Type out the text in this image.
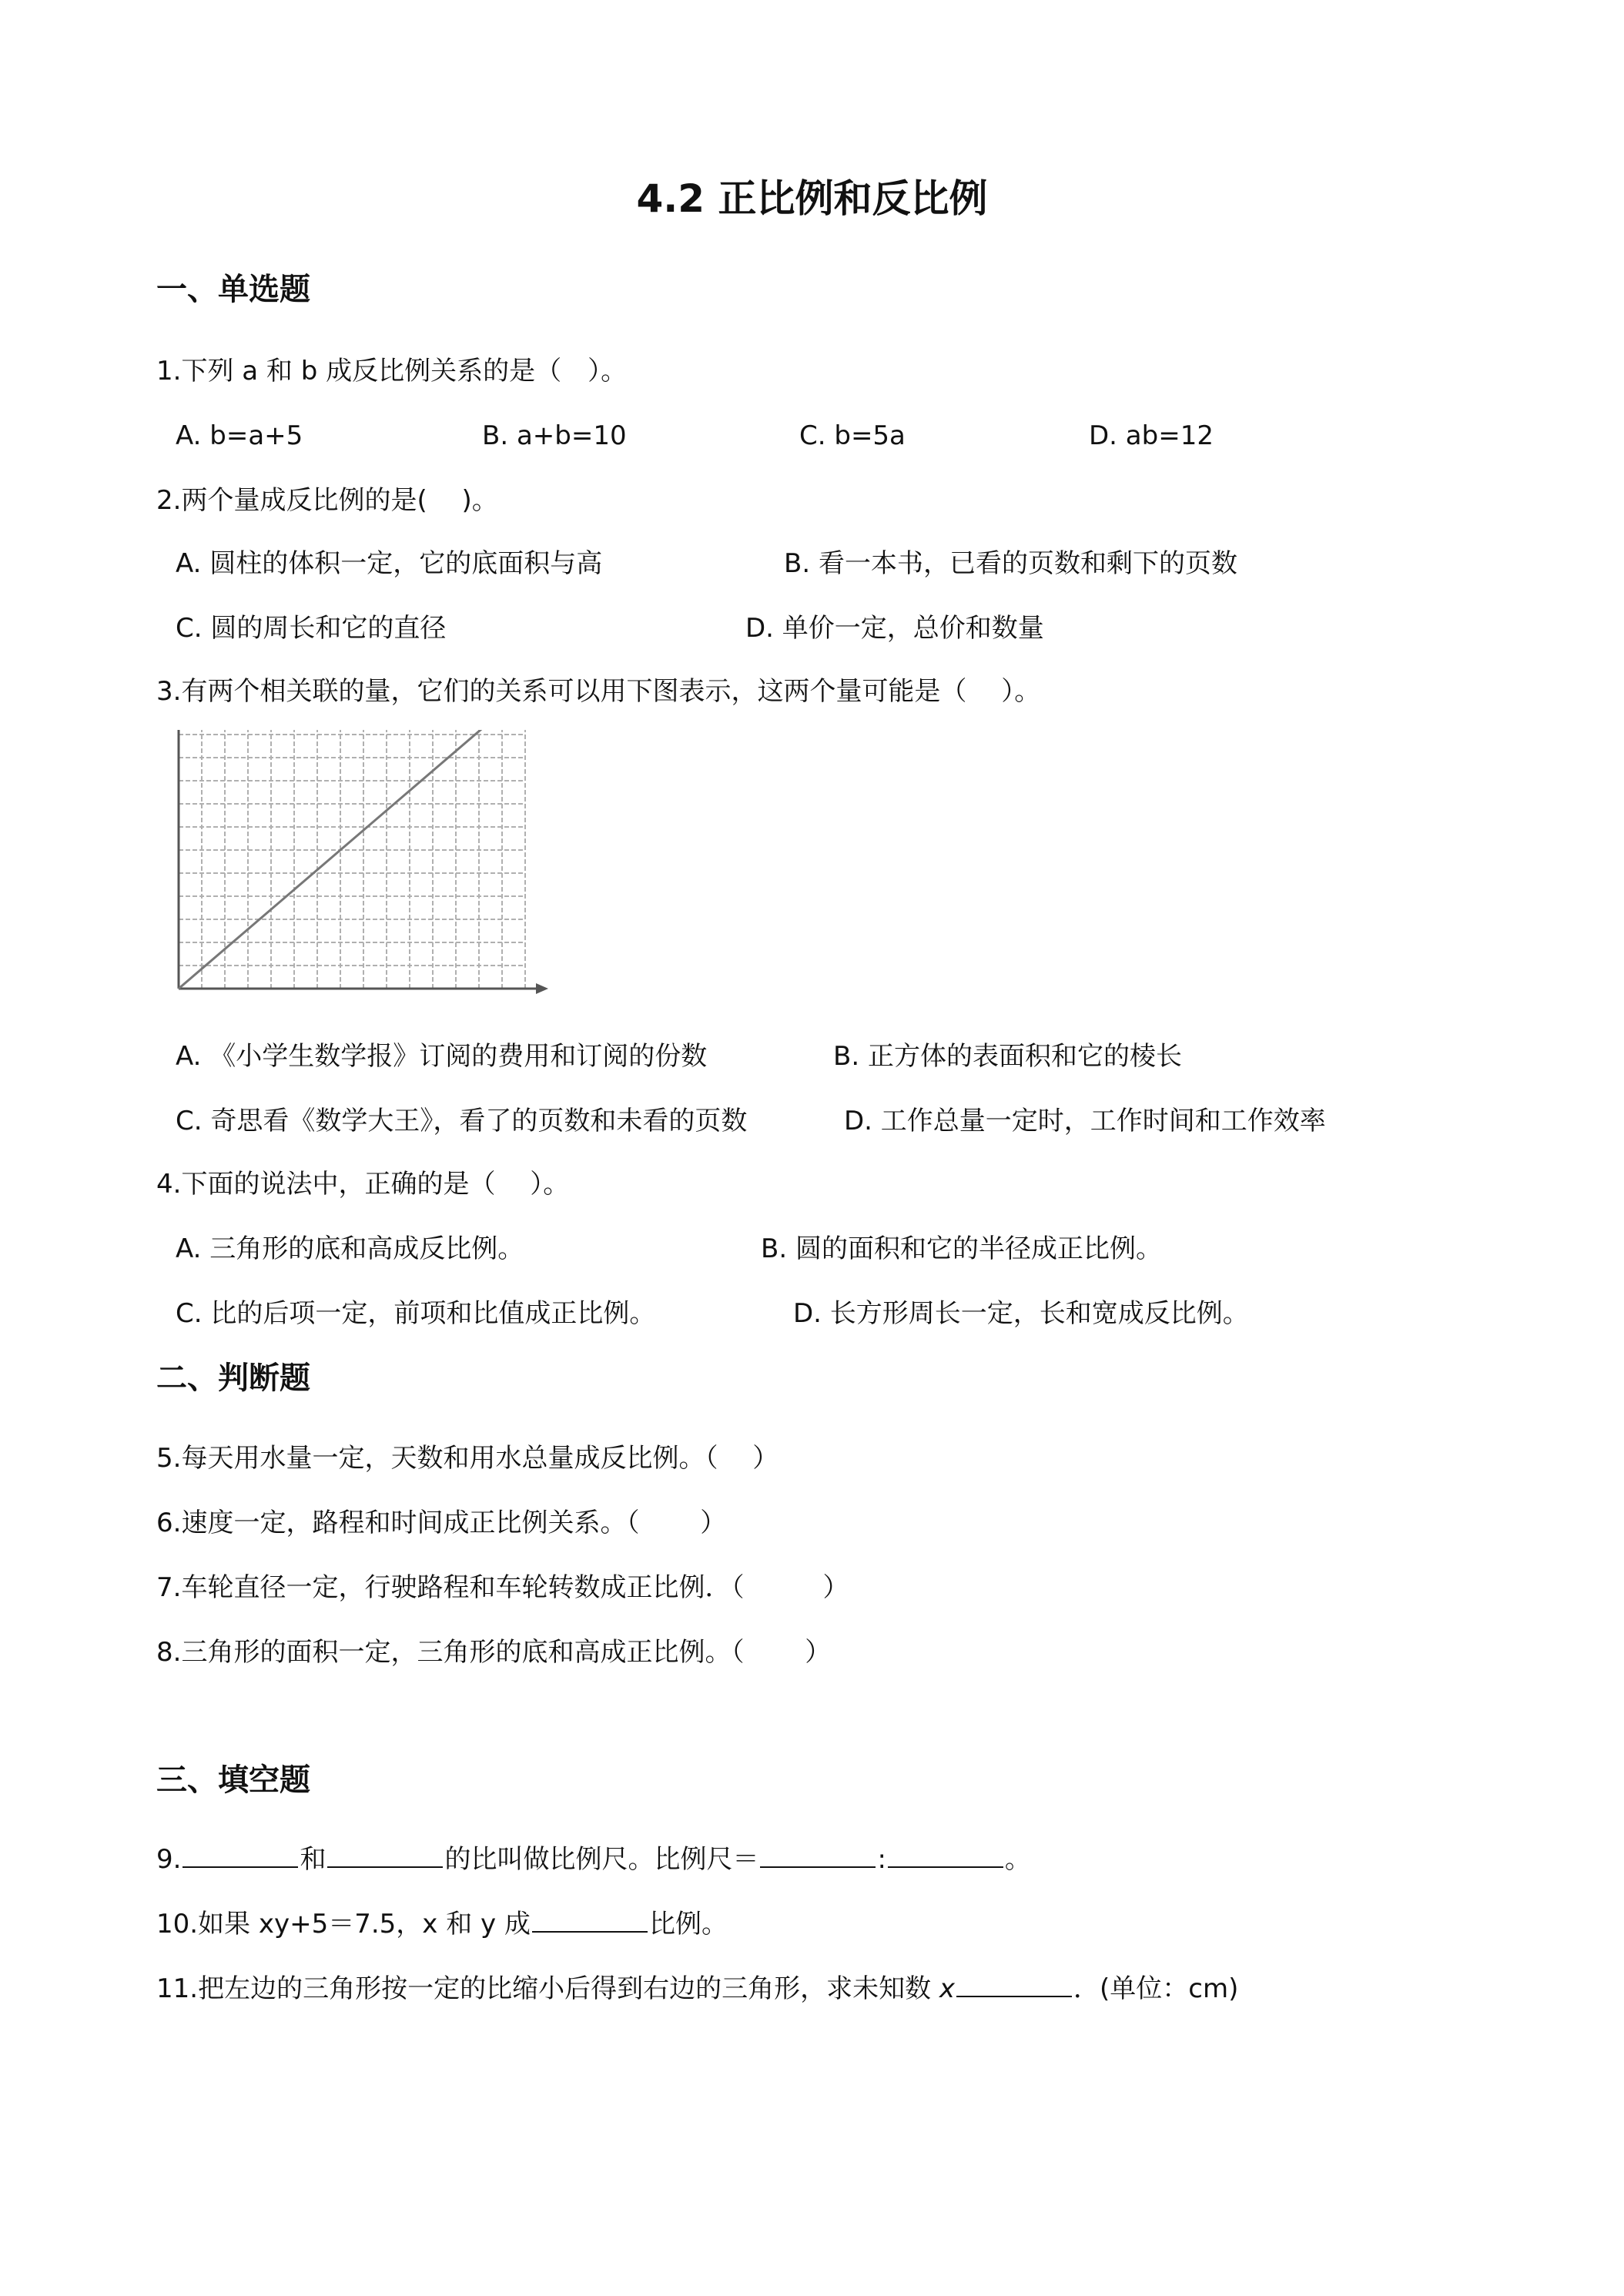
4.2 正比例和反比例
一、单选题
1.下列 a 和 b 成反比例关系的是（　）。
A. b=a+5	B. a+b=10	C. b=5a	D. ab=12
2.两个量成反比例的是(　 )。
A. 圆柱的体积一定，它的底面积与高	B. 看一本书，已看的页数和剩下的页数
C. 圆的周长和它的直径	D. 单价一定，总价和数量
3.有两个相关联的量，它们的关系可以用下图表示，这两个量可能是（　 ）。
A. 《小学生数学报》订阅的费用和订阅的份数	B. 正方体的表面积和它的棱长
C. 奇思看《数学大王》，看了的页数和未看的页数	D. 工作总量一定时，工作时间和工作效率
4.下面的说法中，正确的是（　 ）。
A. 三角形的底和高成反比例。	B. 圆的面积和它的半径成正比例。
C. 比的后项一定，前项和比值成正比例。	D. 长方形周长一定，长和宽成反比例。
二、判断题
5.每天用水量一定，天数和用水总量成反比例。（　 ）
6.速度一定，路程和时间成正比例关系。（　　 ）
7.车轮直径一定，行驶路程和车轮转数成正比例．（　　　）
8.三角形的面积一定，三角形的底和高成正比例。（　　 ）
三、填空题
9.	和	的比叫做比例尺。比例尺＝	:	。
10.如果 xy+5＝7.5，x 和 y 成	比例。
11.把左边的三角形按一定的比缩小后得到右边的三角形，求未知数 x	．(单位：cm)
